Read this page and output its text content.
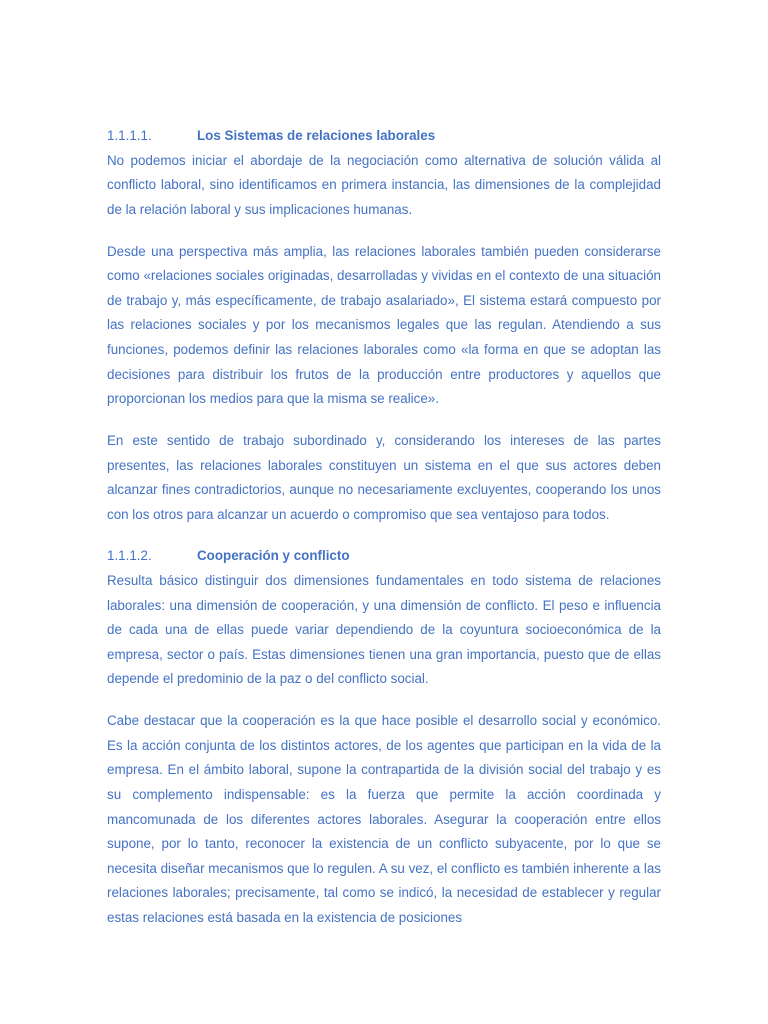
1.1.1.1.	Los Sistemas de relaciones laborales

No podemos iniciar el abordaje de la negociación como alternativa de solución válida al conflicto laboral, sino identificamos en primera instancia, las dimensiones de la complejidad de la relación laboral y sus implicaciones humanas.

Desde una perspectiva más amplia, las relaciones laborales también pueden considerarse como «relaciones sociales originadas, desarrolladas y vividas en el contexto de una situación de trabajo y, más específicamente, de trabajo asalariado», El sistema estará compuesto por las relaciones sociales y por los mecanismos legales que las regulan. Atendiendo a sus funciones, podemos definir las relaciones laborales como «la forma en que se adoptan las decisiones para distribuir los frutos de la producción entre productores y aquellos que proporcionan los medios para que la misma se realice».

En este sentido de trabajo subordinado y, considerando los intereses de las partes presentes, las relaciones laborales constituyen un sistema en el que sus actores deben alcanzar fines contradictorios, aunque no necesariamente excluyentes, cooperando los unos con los otros para alcanzar un acuerdo o compromiso que sea ventajoso para todos.

1.1.1.2.	Cooperación y conflicto

Resulta básico distinguir dos dimensiones fundamentales en todo sistema de relaciones laborales: una dimensión de cooperación, y una dimensión de conflicto. El peso e influencia de cada una de ellas puede variar dependiendo de la coyuntura socioeconómica de la empresa, sector o país. Estas dimensiones tienen una gran importancia, puesto que de ellas depende el predominio de la paz o del conflicto social.

Cabe destacar que la cooperación es la que hace posible el desarrollo social y económico. Es la acción conjunta de los distintos actores, de los agentes que participan en la vida de la empresa. En el ámbito laboral, supone la contrapartida de la división social del trabajo y es su complemento indispensable: es la fuerza que permite la acción coordinada y mancomunada de los diferentes actores laborales. Asegurar la cooperación entre ellos supone, por lo tanto, reconocer la existencia de un conflicto subyacente, por lo que se necesita diseñar mecanismos que lo regulen. A su vez, el conflicto es también inherente a las relaciones laborales; precisamente, tal como se indicó, la necesidad de establecer y regular estas relaciones está basada en la existencia de posiciones
